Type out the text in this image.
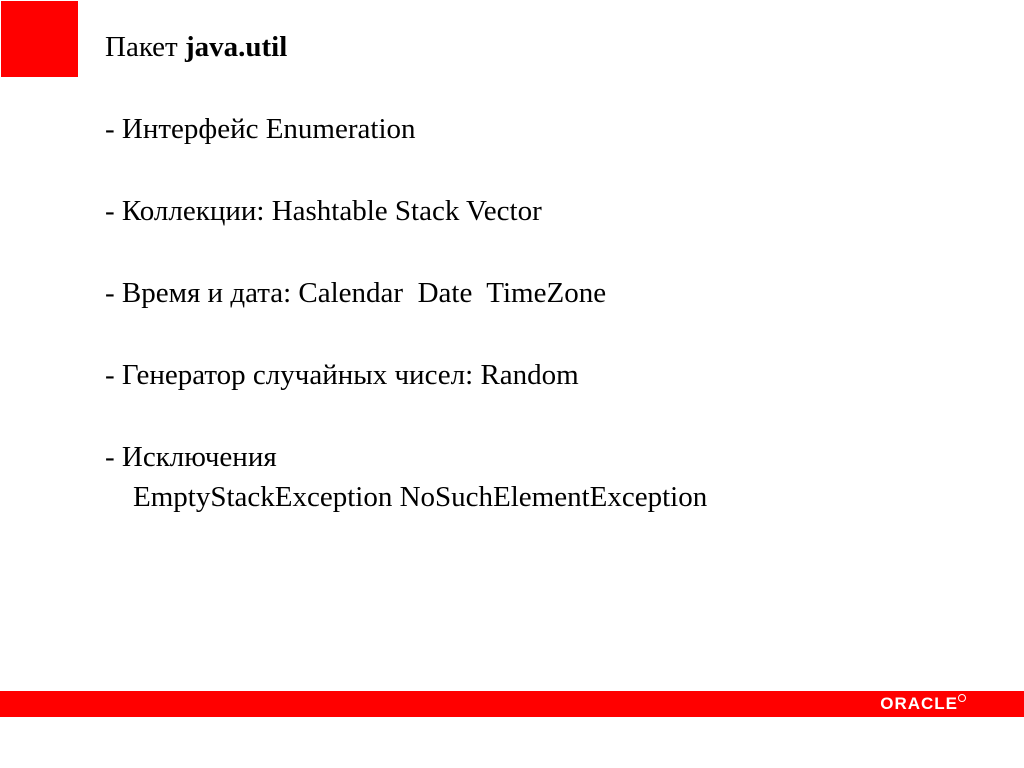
Пакет java.util

- Интерфейс Enumeration

- Коллекции: Hashtable Stack Vector

- Время и дата: Calendar  Date  TimeZone

- Генератор случайных чисел: Random

- Исключения

EmptyStackException NoSuchElementException

ORACLE
